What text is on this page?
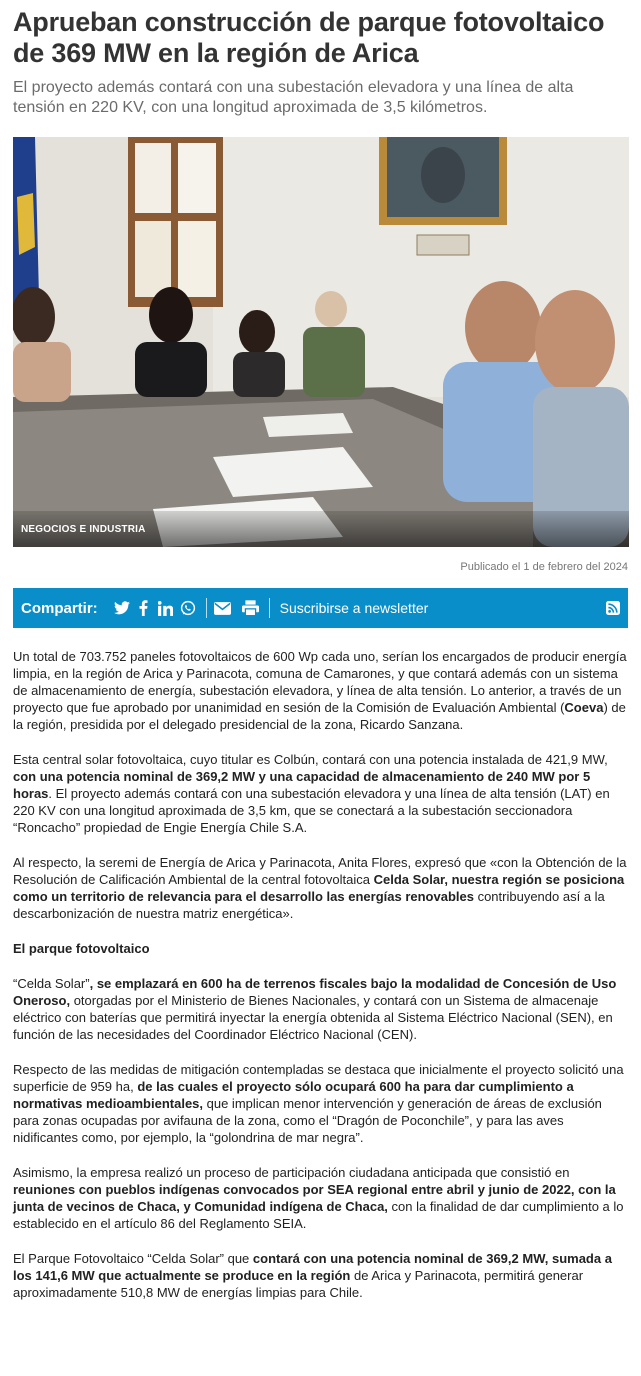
Aprueban construcción de parque fotovoltaico de 369 MW en la región de Arica

El proyecto además contará con una subestación elevadora y una línea de alta tensión en 220 KV, con una longitud aproximada de 3,5 kilómetros.

NEGOCIOS E INDUSTRIA
Publicado el 1 de febrero del 2024
Compartir:	Suscribirse a newsletter

Un total de 703.752 paneles fotovoltaicos de 600 Wp cada uno, serían los encargados de producir energía limpia, en la región de Arica y Parinacota, comuna de Camarones, y que contará además con un sistema de almacenamiento de energía, subestación elevadora, y línea de alta tensión. Lo anterior, a través de un proyecto que fue aprobado por unanimidad en sesión de la Comisión de Evaluación Ambiental (Coeva) de la región, presidida por el delegado presidencial de la zona, Ricardo Sanzana.

Esta central solar fotovoltaica, cuyo titular es Colbún, contará con una potencia instalada de 421,9 MW, con una potencia nominal de 369,2 MW y una capacidad de almacenamiento de 240 MW por 5 horas. El proyecto además contará con una subestación elevadora y una línea de alta tensión (LAT) en 220 KV con una longitud aproximada de 3,5 km, que se conectará a la subestación seccionadora “Roncacho” propiedad de Engie Energía Chile S.A.

Al respecto, la seremi de Energía de Arica y Parinacota, Anita Flores, expresó que «con la Obtención de la Resolución de Calificación Ambiental de la central fotovoltaica Celda Solar, nuestra región se posiciona como un territorio de relevancia para el desarrollo las energías renovables contribuyendo así a la descarbonización de nuestra matriz energética».

El parque fotovoltaico

“Celda Solar”, se emplazará en 600 ha de terrenos fiscales bajo la modalidad de Concesión de Uso Oneroso, otorgadas por el Ministerio de Bienes Nacionales, y contará con un Sistema de almacenaje eléctrico con baterías que permitirá inyectar la energía obtenida al Sistema Eléctrico Nacional (SEN), en función de las necesidades del Coordinador Eléctrico Nacional (CEN).

Respecto de las medidas de mitigación contempladas se destaca que inicialmente el proyecto solicitó una superficie de 959 ha, de las cuales el proyecto sólo ocupará 600 ha para dar cumplimiento a normativas medioambientales, que implican menor intervención y generación de áreas de exclusión para zonas ocupadas por avifauna de la zona, como el “Dragón de Poconchile”, y para las aves nidificantes como, por ejemplo, la “golondrina de mar negra”.

Asimismo, la empresa realizó un proceso de participación ciudadana anticipada que consistió en reuniones con pueblos indígenas convocados por SEA regional entre abril y junio de 2022, con la junta de vecinos de Chaca, y Comunidad indígena de Chaca, con la finalidad de dar cumplimiento a lo establecido en el artículo 86 del Reglamento SEIA.

El Parque Fotovoltaico “Celda Solar” que contará con una potencia nominal de 369,2 MW, sumada a los 141,6 MW que actualmente se produce en la región de Arica y Parinacota, permitirá generar aproximadamente 510,8 MW de energías limpias para Chile.
